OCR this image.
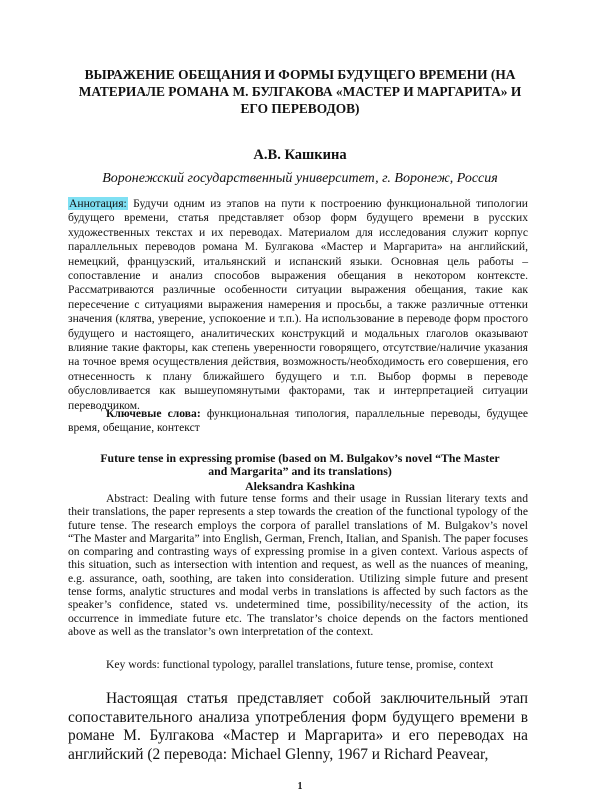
ВЫРАЖЕНИЕ ОБЕЩАНИЯ И ФОРМЫ БУДУЩЕГО ВРЕМЕНИ (НА МАТЕРИАЛЕ РОМАНА М. БУЛГАКОВА «МАСТЕР И МАРГАРИТА» И ЕГО ПЕРЕВОДОВ)
А.В. Кашкина
Воронежский государственный университет, г. Воронеж, Россия

Аннотация: Будучи одним из этапов на пути к построению функциональной типологии будущего времени, статья представляет обзор форм будущего времени в русских художественных текстах и их переводах. Материалом для исследования служит корпус параллельных переводов романа М. Булгакова «Мастер и Маргарита» на английский, немецкий, французский, итальянский и испанский языки. Основная цель работы – сопоставление и анализ способов выражения обещания в некотором контексте. Рассматриваются различные особенности ситуации выражения обещания, такие как пересечение с ситуациями выражения намерения и просьбы, а также различные оттенки значения (клятва, уверение, успокоение и т.п.). На использование в переводе форм простого будущего и настоящего, аналитических конструкций и модальных глаголов оказывают влияние такие факторы, как степень уверенности говорящего, отсутствие/наличие указания на точное время осуществления действия, возможность/необходимость его совершения, его отнесенность к плану ближайшего будущего и т.п. Выбор формы в переводе обусловливается как вышеупомянутыми факторами, так и интерпретацией ситуации переводчиком.

Ключевые слова: функциональная типология, параллельные переводы, будущее время, обещание, контекст

Future tense in expressing promise (based on M. Bulgakov’s novel “The Master and Margarita” and its translations)

Aleksandra Kashkina

Abstract: Dealing with future tense forms and their usage in Russian literary texts and their translations, the paper represents a step towards the creation of the functional typology of the future tense. The research employs the corpora of parallel translations of M. Bulgakov’s novel “The Master and Margarita” into English, German, French, Italian, and Spanish. The paper focuses on comparing and contrasting ways of expressing promise in a given context. Various aspects of this situation, such as intersection with intention and request, as well as the nuances of meaning, e.g. assurance, oath, soothing, are taken into consideration. Utilizing simple future and present tense forms, analytic structures and modal verbs in translations is affected by such factors as the speaker’s confidence, stated vs. undetermined time, possibility/necessity of the action, its occurrence in immediate future etc. The translator’s choice depends on the factors mentioned above as well as the translator’s own interpretation of the context.

Key words: functional typology, parallel translations, future tense, promise, context

Настоящая статья представляет собой заключительный этап сопоставительного анализа употребления форм будущего времени в романе М. Булгакова «Мастер и Маргарита» и его переводах на английский (2 перевода: Michael Glenny, 1967 и Richard Peavear,

1
